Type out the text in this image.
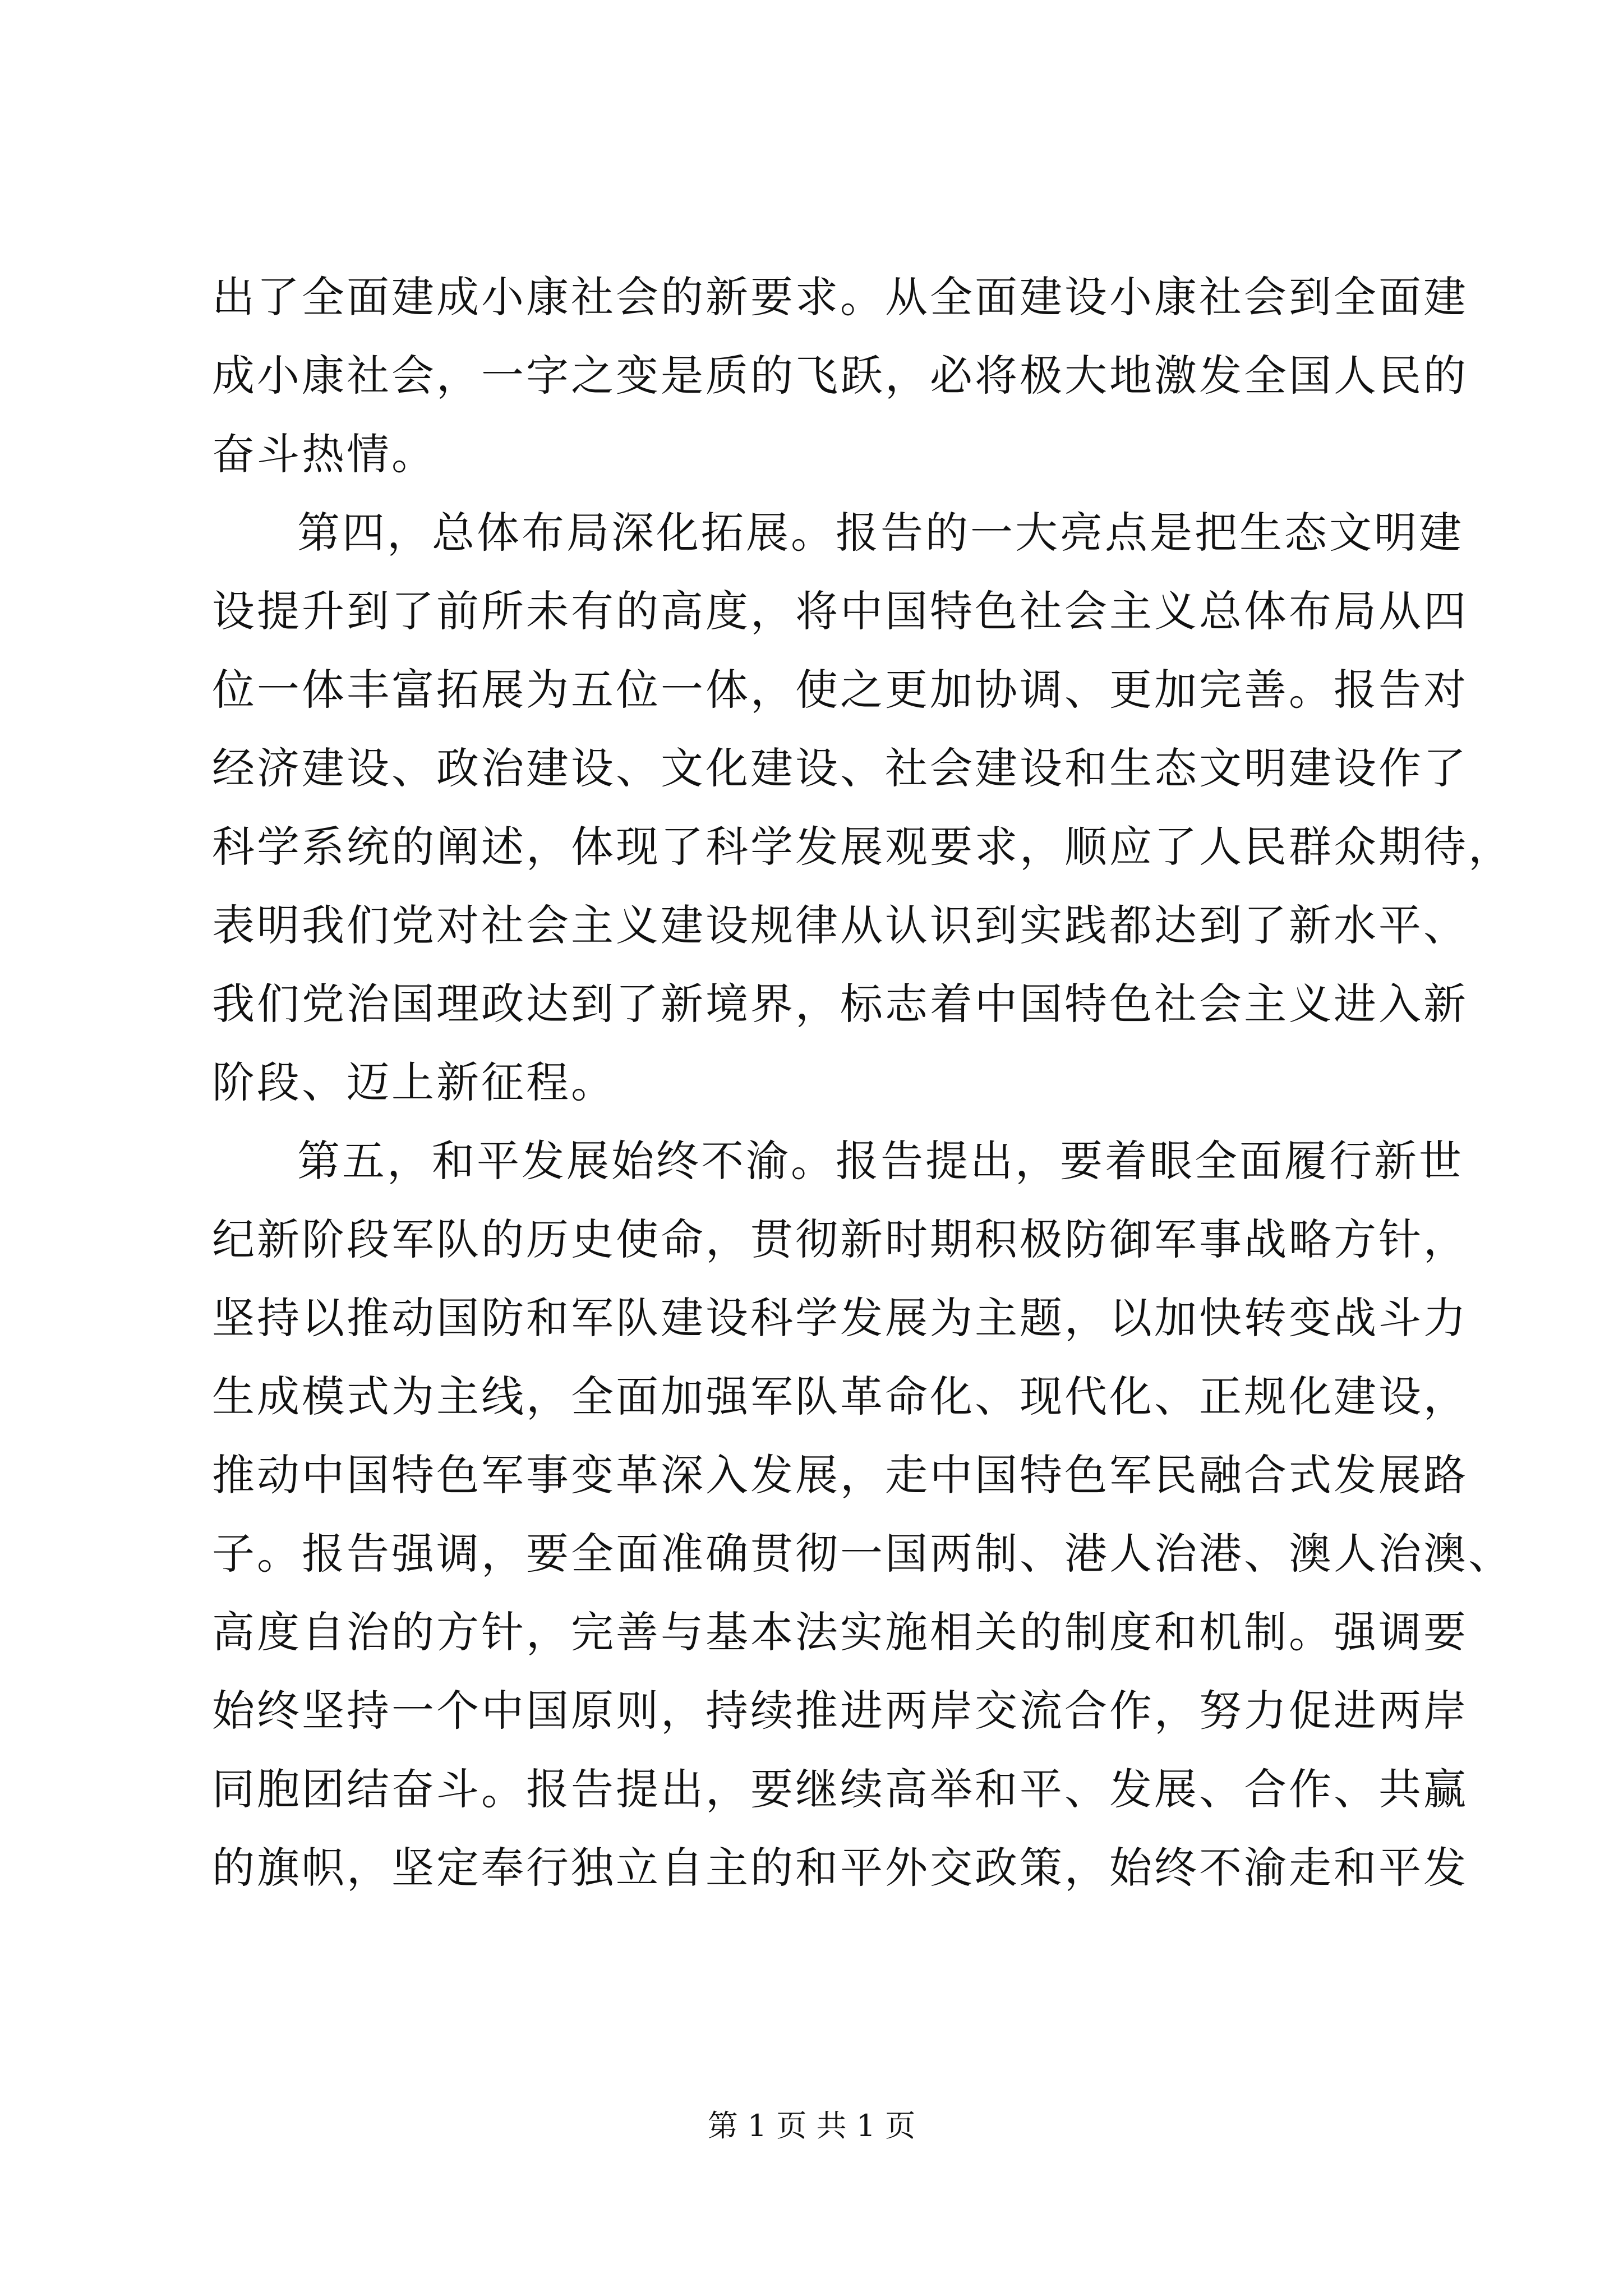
出了全面建成小康社会的新要求。从全面建设小康社会到全面建
成小康社会，一字之变是质的飞跃，必将极大地激发全国人民的
奋斗热情。
第四，总体布局深化拓展。报告的一大亮点是把生态文明建
设提升到了前所未有的高度，将中国特色社会主义总体布局从四
位一体丰富拓展为五位一体，使之更加协调、更加完善。报告对
经济建设、政治建设、文化建设、社会建设和生态文明建设作了
科学系统的阐述，体现了科学发展观要求，顺应了人民群众期待，
表明我们党对社会主义建设规律从认识到实践都达到了新水平、
我们党治国理政达到了新境界，标志着中国特色社会主义进入新
阶段、迈上新征程。
第五，和平发展始终不渝。报告提出，要着眼全面履行新世
纪新阶段军队的历史使命，贯彻新时期积极防御军事战略方针，
坚持以推动国防和军队建设科学发展为主题，以加快转变战斗力
生成模式为主线，全面加强军队革命化、现代化、正规化建设，
推动中国特色军事变革深入发展，走中国特色军民融合式发展路
子。报告强调，要全面准确贯彻一国两制、港人治港、澳人治澳、
高度自治的方针，完善与基本法实施相关的制度和机制。强调要
始终坚持一个中国原则，持续推进两岸交流合作，努力促进两岸
同胞团结奋斗。报告提出，要继续高举和平、发展、合作、共赢
的旗帜，坚定奉行独立自主的和平外交政策，始终不渝走和平发
第 1 页 共 1 页
